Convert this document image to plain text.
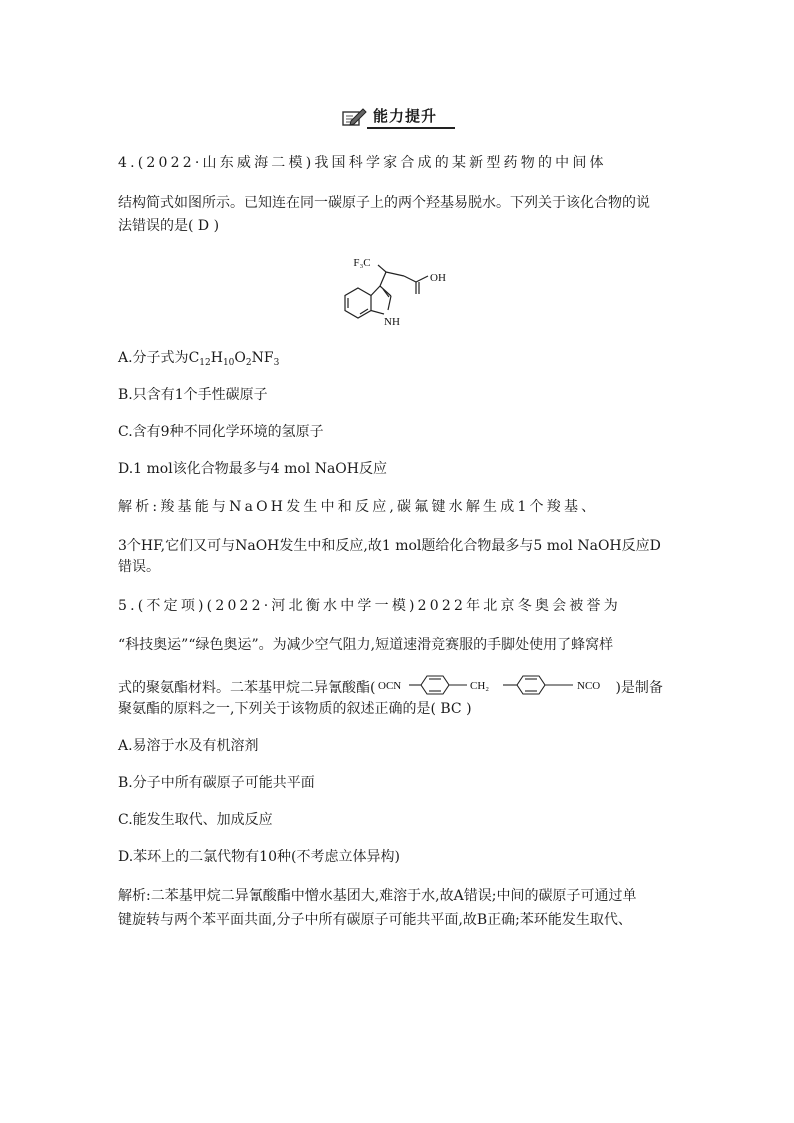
能力提升
4.(2022·山东威海二模)我国科学家合成的某新型药物的中间体
结构简式如图所示。已知连在同一碳原子上的两个羟基易脱水。下列关于该化合物的说
法错误的是( D )
F₃C
OH
NH
A.分子式为$C_{12}H_{10}O_2NF_3$
B.只含有1个手性碳原子
C.含有9种不同化学环境的氢原子
D.1 mol该化合物最多与4 mol NaOH反应
解析:羧基能与NaOH发生中和反应,碳氟键水解生成1个羧基、
3个HF,它们又可与NaOH发生中和反应,故1 mol题给化合物最多与5 mol NaOH反应D
错误。
5.(不定项)(2022·河北衡水中学一模)2022年北京冬奥会被誉为
“科技奥运”“绿色奥运”。为减少空气阻力,短道速滑竞赛服的手脚处使用了蜂窝样
式的聚氨酯材料。二苯基甲烷二异氰酸酯( OCN	CH₂	NCO )是制备
聚氨酯的原料之一,下列关于该物质的叙述正确的是( BC )
A.易溶于水及有机溶剂
B.分子中所有碳原子可能共平面
C.能发生取代、加成反应
D.苯环上的二氯代物有10种(不考虑立体异构)
解析:二苯基甲烷二异氰酸酯中憎水基团大,难溶于水,故A错误;中间的碳原子可通过单
键旋转与两个苯平面共面,分子中所有碳原子可能共平面,故B正确;苯环能发生取代、
